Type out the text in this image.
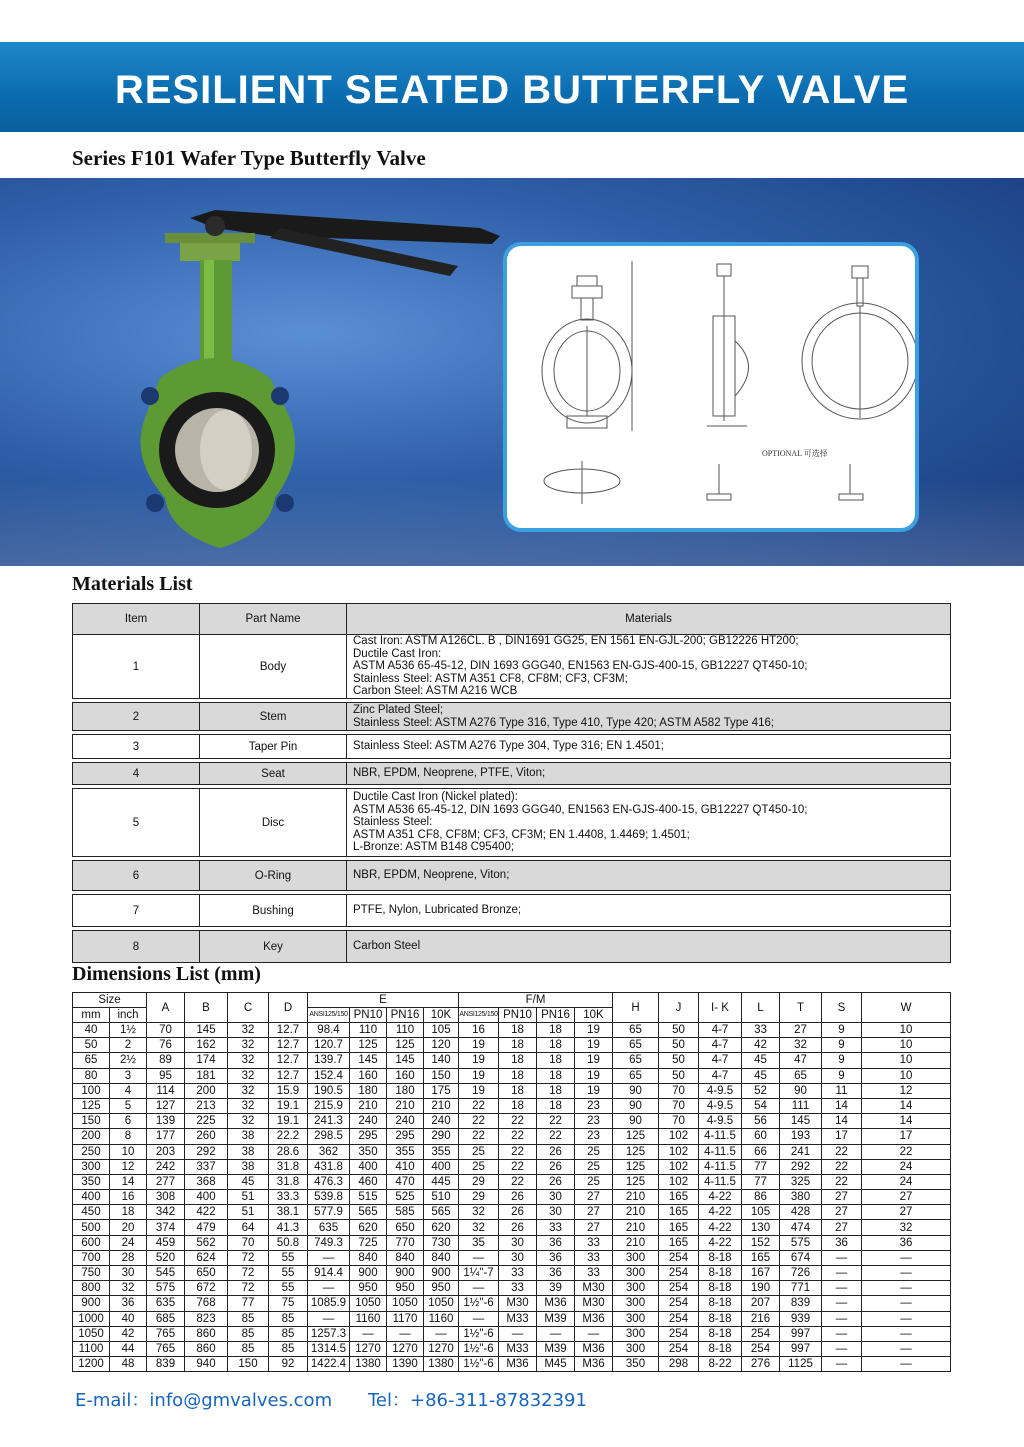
RESILIENT SEATED BUTTERFLY VALVE
Series F101 Wafer Type Butterfly Valve
OPTIONAL 可选择
Materials List
Item	Part Name	Materials
1	Body	Cast Iron: ASTM A126CL. B , DIN1691 GG25, EN 1561 EN-GJL-200; GB12226 HT200;
Ductile Cast Iron:
ASTM A536 65-45-12, DIN 1693 GGG40, EN1563 EN-GJS-400-15, GB12227 QT450-10;
Stainless Steel: ASTM A351 CF8, CF8M; CF3, CF3M;
Carbon Steel: ASTM A216 WCB

2	Stem	Zinc Plated Steel;
Stainless Steel: ASTM A276 Type 316, Type 410, Type 420; ASTM A582 Type 416;

3	Taper Pin	Stainless Steel: ASTM A276 Type 304, Type 316; EN 1.4501;

4	Seat	NBR, EPDM, Neoprene, PTFE, Viton;

5	Disc	Ductile Cast Iron (Nickel plated):
ASTM A536 65-45-12, DIN 1693 GGG40, EN1563 EN-GJS-400-15, GB12227 QT450-10;
Stainless Steel:
ASTM A351 CF8, CF8M; CF3, CF3M; EN 1.4408, 1.4469; 1.4501;
L-Bronze: ASTM B148 C95400;

6	O-Ring	NBR, EPDM, Neoprene, Viton;

7	Bushing	PTFE, Nylon, Lubricated Bronze;

8	Key	Carbon Steel
Dimensions List (mm)
Size		A	B	C	D	E				F/M				H	J	I- K	L	T	S	W
mm	inch					ANSI125/150	PN10	PN16	10K	ANSI125/150	PN10	PN16	10K							
40	1½	70	145	32	12.7	98.4	110	110	105	16	18	18	19	65	50	4-7	33	27	9	10
50	2	76	162	32	12.7	120.7	125	125	120	19	18	18	19	65	50	4-7	42	32	9	10
65	2½	89	174	32	12.7	139.7	145	145	140	19	18	18	19	65	50	4-7	45	47	9	10
80	3	95	181	32	12.7	152.4	160	160	150	19	18	18	19	65	50	4-7	45	65	9	10
100	4	114	200	32	15.9	190.5	180	180	175	19	18	18	19	90	70	4-9.5	52	90	11	12
125	5	127	213	32	19.1	215.9	210	210	210	22	18	18	23	90	70	4-9.5	54	111	14	14
150	6	139	225	32	19.1	241.3	240	240	240	22	22	22	23	90	70	4-9.5	56	145	14	14
200	8	177	260	38	22.2	298.5	295	295	290	22	22	22	23	125	102	4-11.5	60	193	17	17
250	10	203	292	38	28.6	362	350	355	355	25	22	26	25	125	102	4-11.5	66	241	22	22
300	12	242	337	38	31.8	431.8	400	410	400	25	22	26	25	125	102	4-11.5	77	292	22	24
350	14	277	368	45	31.8	476.3	460	470	445	29	22	26	25	125	102	4-11.5	77	325	22	24
400	16	308	400	51	33.3	539.8	515	525	510	29	26	30	27	210	165	4-22	86	380	27	27
450	18	342	422	51	38.1	577.9	565	585	565	32	26	30	27	210	165	4-22	105	428	27	27
500	20	374	479	64	41.3	635	620	650	620	32	26	33	27	210	165	4-22	130	474	27	32
600	24	459	562	70	50.8	749.3	725	770	730	35	30	36	33	210	165	4-22	152	575	36	36
700	28	520	624	72	55	—	840	840	840	—	30	36	33	300	254	8-18	165	674	—	—
750	30	545	650	72	55	914.4	900	900	900	1¼"-7	33	36	33	300	254	8-18	167	726	—	—
800	32	575	672	72	55	—	950	950	950	—	33	39	M30	300	254	8-18	190	771	—	—
900	36	635	768	77	75	1085.9	1050	1050	1050	1½"-6	M30	M36	M30	300	254	8-18	207	839	—	—
1000	40	685	823	85	85	—	1160	1170	1160	—	M33	M39	M36	300	254	8-18	216	939	—	—
1050	42	765	860	85	85	1257.3	—	—	—	1½"-6	—	—	—	300	254	8-18	254	997	—	—
1100	44	765	860	85	85	1314.5	1270	1270	1270	1½"-6	M33	M39	M36	300	254	8-18	254	997	—	—
1200	48	839	940	150	92	1422.4	1380	1390	1380	1½"-6	M36	M45	M36	350	298	8-22	276	1125	—	—
E-mail：info@gmvalves.com Tel：+86-311-87832391
